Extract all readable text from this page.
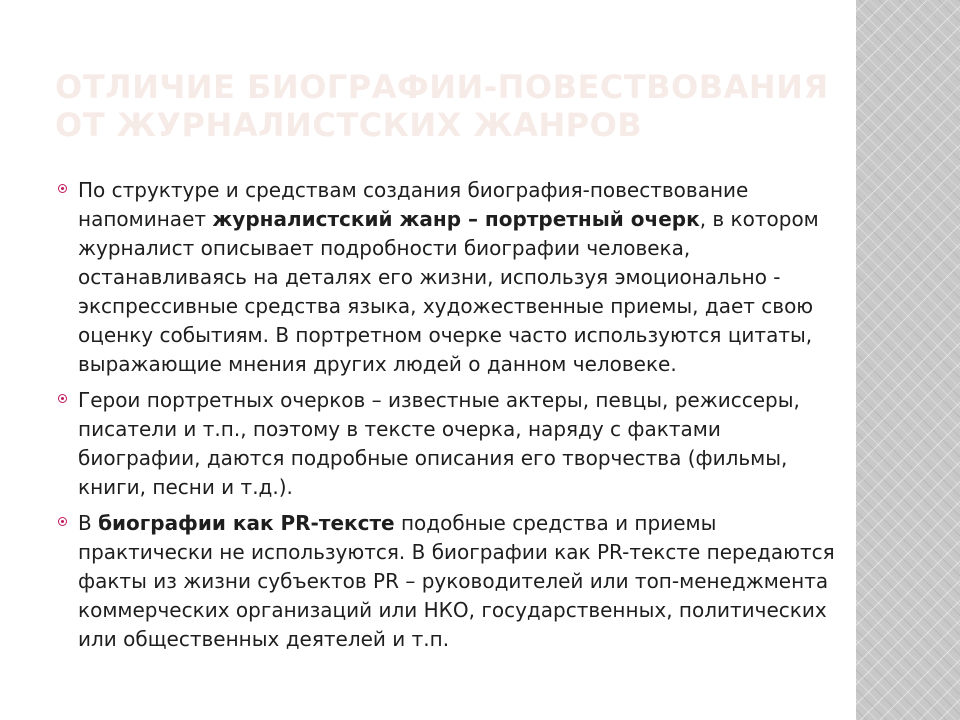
ОТЛИЧИЕ БИОГРАФИИ-ПОВЕСТВОВАНИЯ
ОТ ЖУРНАЛИСТСКИХ ЖАНРОВ
По структуре и средствам создания биография-повествование напоминает журналистский жанр – портретный очерк, в котором журналист описывает подробности биографии человека, останавливаясь на деталях его жизни, используя эмоционально - экспрессивные средства языка, художественные приемы, дает свою оценку событиям. В портретном очерке часто используются цитаты, выражающие мнения других людей о данном человеке.
Герои портретных очерков – известные актеры, певцы, режиссеры, писатели и т.п., поэтому в тексте очерка, наряду с фактами биографии, даются подробные описания его творчества (фильмы, книги, песни и т.д.).
В биографии как PR-тексте подобные средства и приемы практически не используются. В биографии как PR-тексте передаются факты из жизни субъектов PR – руководителей или топ-менеджмента коммерческих организаций или НКО, государственных, политических или общественных деятелей и т.п.
